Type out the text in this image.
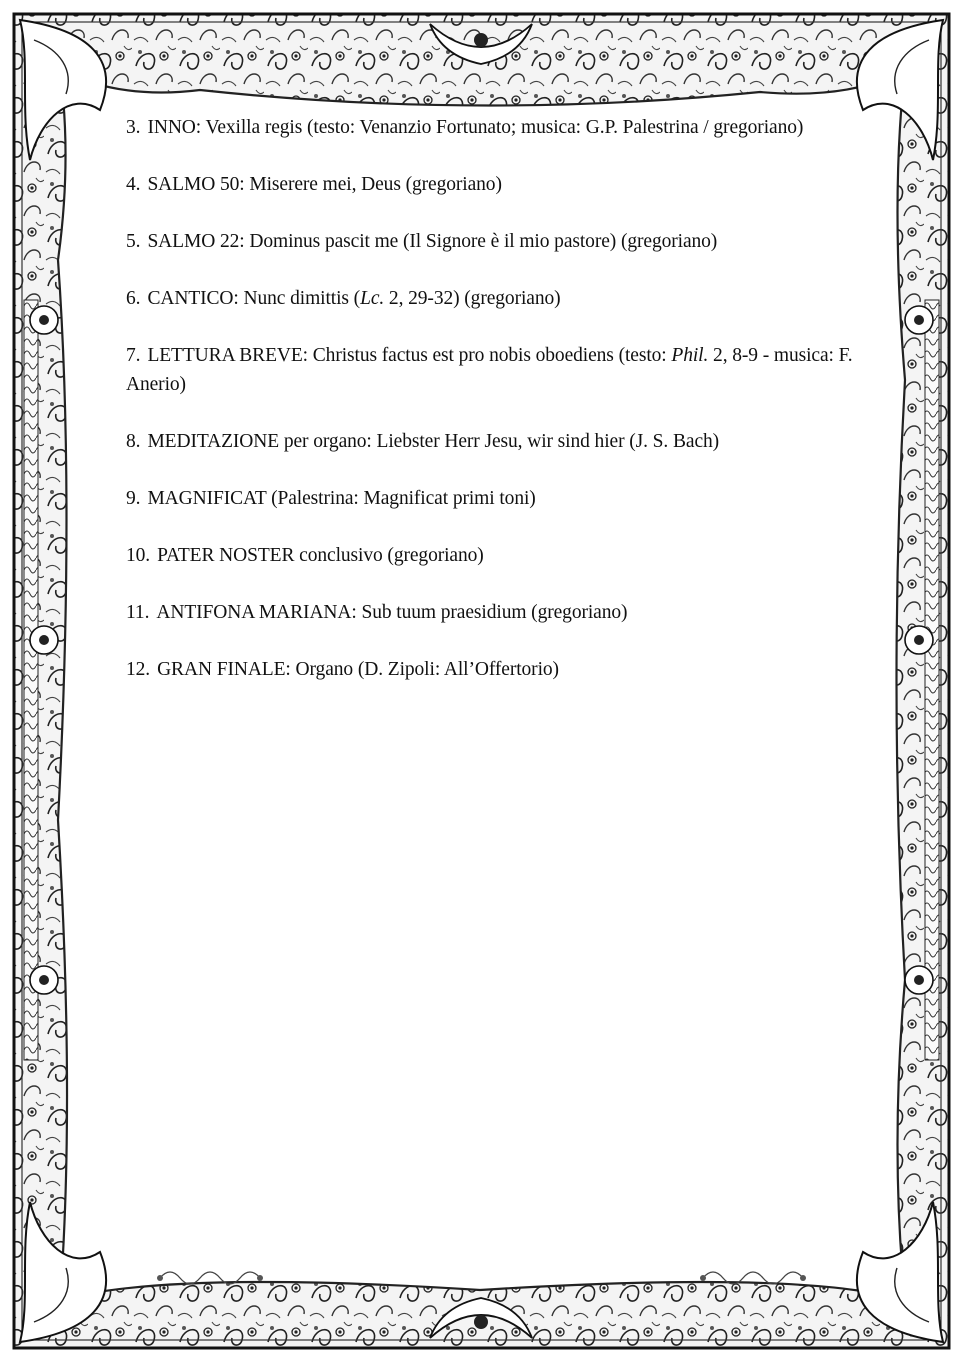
3. INNO: Vexilla regis (testo: Venanzio Fortunato; musica: G.P. Palestrina / gregoriano)
4. SALMO 50: Miserere mei, Deus (gregoriano)
5. SALMO 22: Dominus pascit me (Il Signore è il mio pastore) (gregoriano)
6. CANTICO: Nunc dimittis (Lc. 2, 29-32) (gregoriano)
7. LETTURA BREVE: Christus factus est pro nobis oboediens (testo: Phil. 2, 8-9 - musica: F. Anerio)
8. MEDITAZIONE per organo: Liebster Herr Jesu, wir sind hier (J. S. Bach)
9. MAGNIFICAT (Palestrina: Magnificat primi toni)
10. PATER NOSTER conclusivo (gregoriano)
11. ANTIFONA MARIANA: Sub tuum praesidium (gregoriano)
12. GRAN FINALE: Organo (D. Zipoli: All’Offertorio)
